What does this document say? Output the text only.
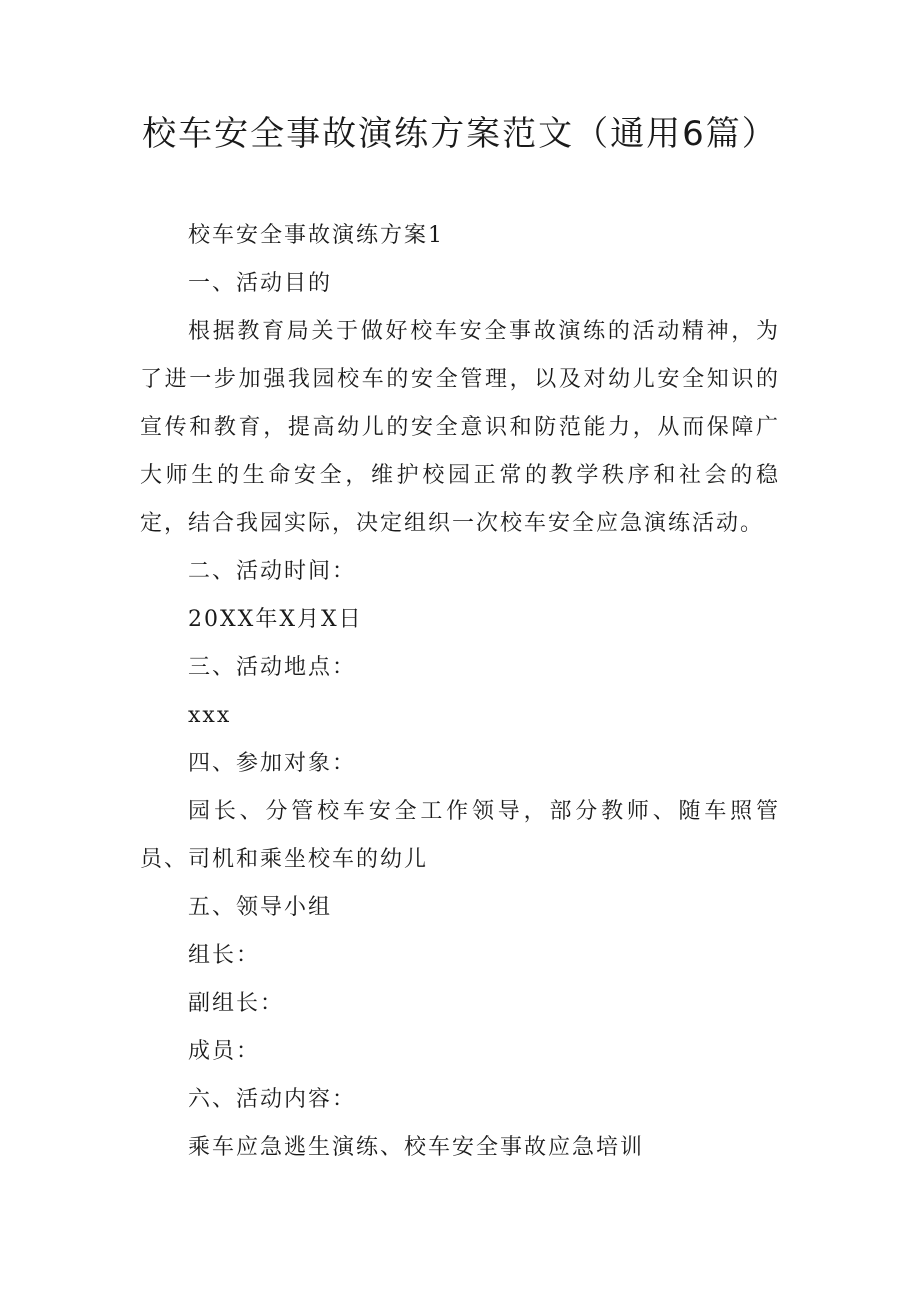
校车安全事故演练方案范文（通用6篇）

校车安全事故演练方案1

一、活动目的

根据教育局关于做好校车安全事故演练的活动精神，为了进一步加强我园校车的安全管理，以及对幼儿安全知识的宣传和教育，提高幼儿的安全意识和防范能力，从而保障广大师生的生命安全，维护校园正常的教学秩序和社会的稳定，结合我园实际，决定组织一次校车安全应急演练活动。

二、活动时间：

20XX年X月X日

三、活动地点：

xxx

四、参加对象：

园长、分管校车安全工作领导，部分教师、随车照管员、司机和乘坐校车的幼儿

五、领导小组

组长：

副组长：

成员：

六、活动内容：

乘车应急逃生演练、校车安全事故应急培训
